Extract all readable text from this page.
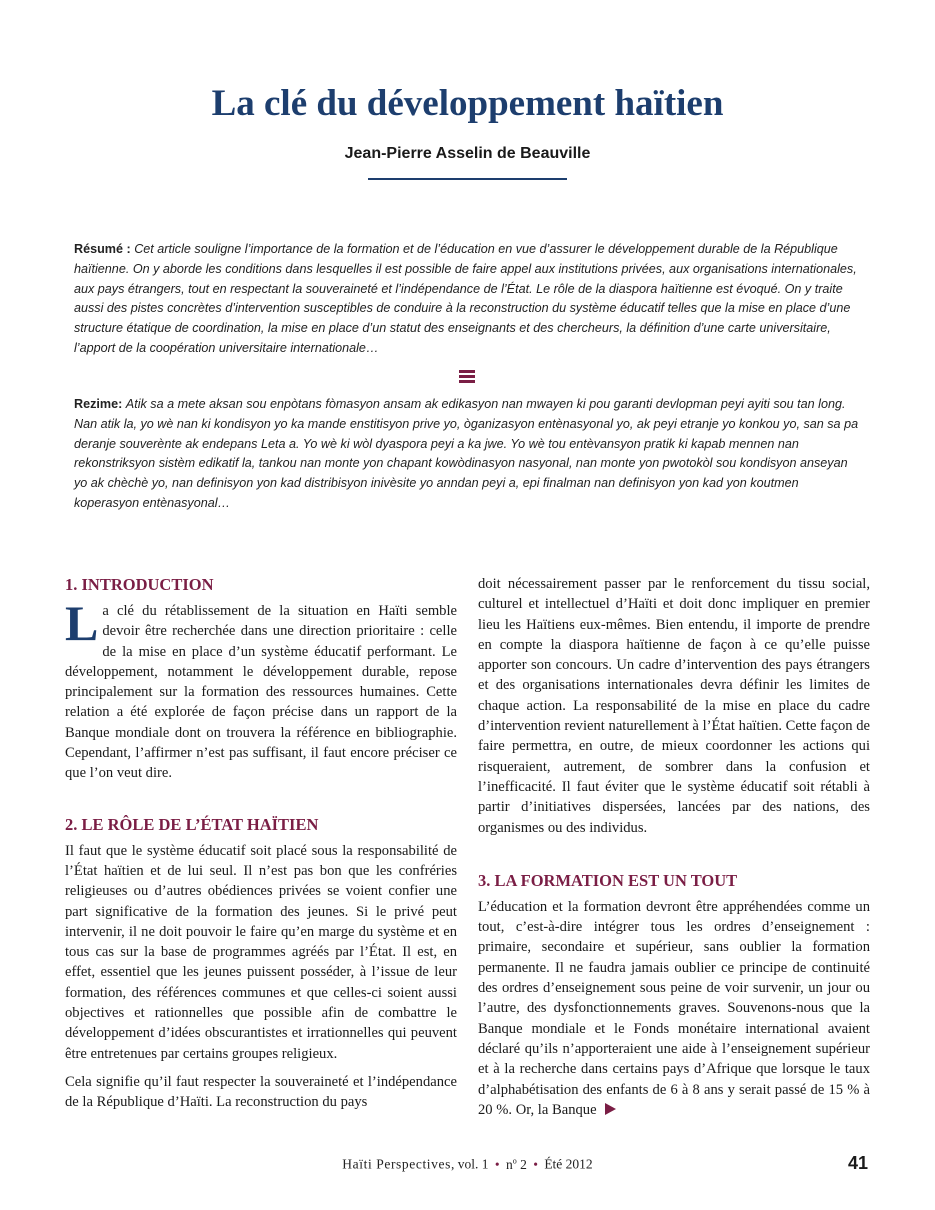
La clé du développement haïtien
Jean-Pierre Asselin de Beauville

Résumé : Cet article souligne l’importance de la formation et de l’éducation en vue d’assurer le développement durable de la République haïtienne. On y aborde les conditions dans lesquelles il est possible de faire appel aux institutions privées, aux organisations internationales, aux pays étrangers, tout en respectant la souveraineté et l’indépendance de l’État. Le rôle de la diaspora haïtienne est évoqué. On y traite aussi des pistes concrètes d’intervention susceptibles de conduire à la reconstruction du système éducatif telles que la mise en place d’une structure étatique de coordination, la mise en place d’un statut des enseignants et des chercheurs, la définition d’une carte universitaire, l’apport de la coopération universitaire internationale…

Rezime: Atik sa a mete aksan sou enpòtans fòmasyon ansam ak edikasyon nan mwayen ki pou garanti devlopman peyi ayiti sou tan long. Nan atik la, yo wè nan ki kondisyon yo ka mande enstitisyon prive yo, òganizasyon entènasyonal yo, ak peyi etranje yo konkou yo, san sa pa deranje souverènte ak endepans Leta a. Yo wè ki wòl dyaspora peyi a ka jwe. Yo wè tou entèvansyon pratik ki kapab mennen nan rekonstriksyon sistèm edikatif la, tankou nan monte yon chapant kowòdinasyon nasyonal, nan monte yon pwotokòl sou kondisyon anseyan yo ak chèchè yo, nan definisyon yon kad distribisyon inivèsite yo anndan peyi a, epi finalman nan definisyon yon kad yon koutmen koperasyon entènasyonal…

1. INTRODUCTION

La clé du rétablissement de la situation en Haïti semble devoir être recherchée dans une direction prioritaire : celle de la mise en place d’un système éducatif performant. Le développement, notamment le développement durable, repose principalement sur la formation des ressources humaines. Cette relation a été explorée de façon précise dans un rapport de la Banque mondiale dont on trouvera la référence en bibliographie. Cependant, l’affirmer n’est pas suffisant, il faut encore préciser ce que l’on veut dire.

2. LE RÔLE DE L’ÉTAT HAÏTIEN

Il faut que le système éducatif soit placé sous la responsabilité de l’État haïtien et de lui seul. Il n’est pas bon que les confréries religieuses ou d’autres obédiences privées se voient confier une part significative de la formation des jeunes. Si le privé peut intervenir, il ne doit pouvoir le faire qu’en marge du système et en tous cas sur la base de programmes agréés par l’État. Il est, en effet, essentiel que les jeunes puissent posséder, à l’issue de leur formation, des références communes et que celles-ci soient aussi objectives et rationnelles que possible afin de combattre le développement d’idées obscurantistes et irrationnelles qui peuvent être entretenues par certains groupes religieux.

Cela signifie qu’il faut respecter la souveraineté et l’indépendance de la République d’Haïti. La reconstruction du pays

doit nécessairement passer par le renforcement du tissu social, culturel et intellectuel d’Haïti et doit donc impliquer en premier lieu les Haïtiens eux-mêmes. Bien entendu, il importe de prendre en compte la diaspora haïtienne de façon à ce qu’elle puisse apporter son concours. Un cadre d’intervention des pays étrangers et des organisations internationales devra définir les limites de chaque action. La responsabilité de la mise en place du cadre d’intervention revient naturellement à l’État haïtien. Cette façon de faire permettra, en outre, de mieux coordonner les actions qui risqueraient, autrement, de sombrer dans la confusion et l’inefficacité. Il faut éviter que le système éducatif soit rétabli à partir d’initiatives dispersées, lancées par des nations, des organismes ou des individus.

3. LA FORMATION EST UN TOUT

L’éducation et la formation devront être appréhendées comme un tout, c’est-à-dire intégrer tous les ordres d’enseignement : primaire, secondaire et supérieur, sans oublier la formation permanente. Il ne faudra jamais oublier ce principe de continuité des ordres d’enseignement sous peine de voir survenir, un jour ou l’autre, des dysfonctionnements graves. Souvenons-nous que la Banque mondiale et le Fonds monétaire international avaient déclaré qu’ils n’apporteraient une aide à l’enseignement supérieur et à la recherche dans certains pays d’Afrique que lorsque le taux d’alphabétisation des enfants de 6 à 8 ans y serait passé de 15 % à 20 %. Or, la Banque

Haïti Perspectives, vol. 1 • $n^o$ 2 • Été 2012	41
